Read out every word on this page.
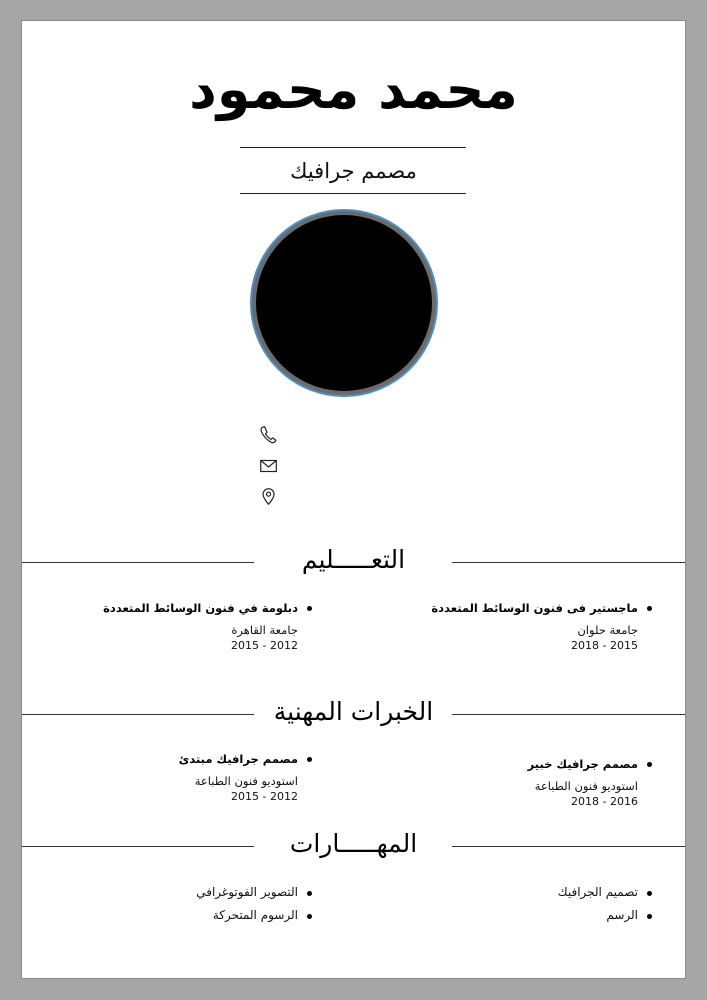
محمد محمود
مصمم جرافيك
التعـــــليم
ماجستير فى فنون الوسائط المتعددة
جامعة حلوان
2015 - 2018
دبلومة في فنون الوسائط المتعددة
جامعة القاهرة
2012 - 2015
الخبرات المهنية
مصمم جرافيك خبير
استوديو فنون الطباعة
2016 - 2018
مصمم جرافيك مبتدئ
استوديو فنون الطباعة
2012 - 2015
المهـــــارات
تصميم الجرافيك
الرسم
التصوير الفوتوغرافي
الرسوم المتحركة
